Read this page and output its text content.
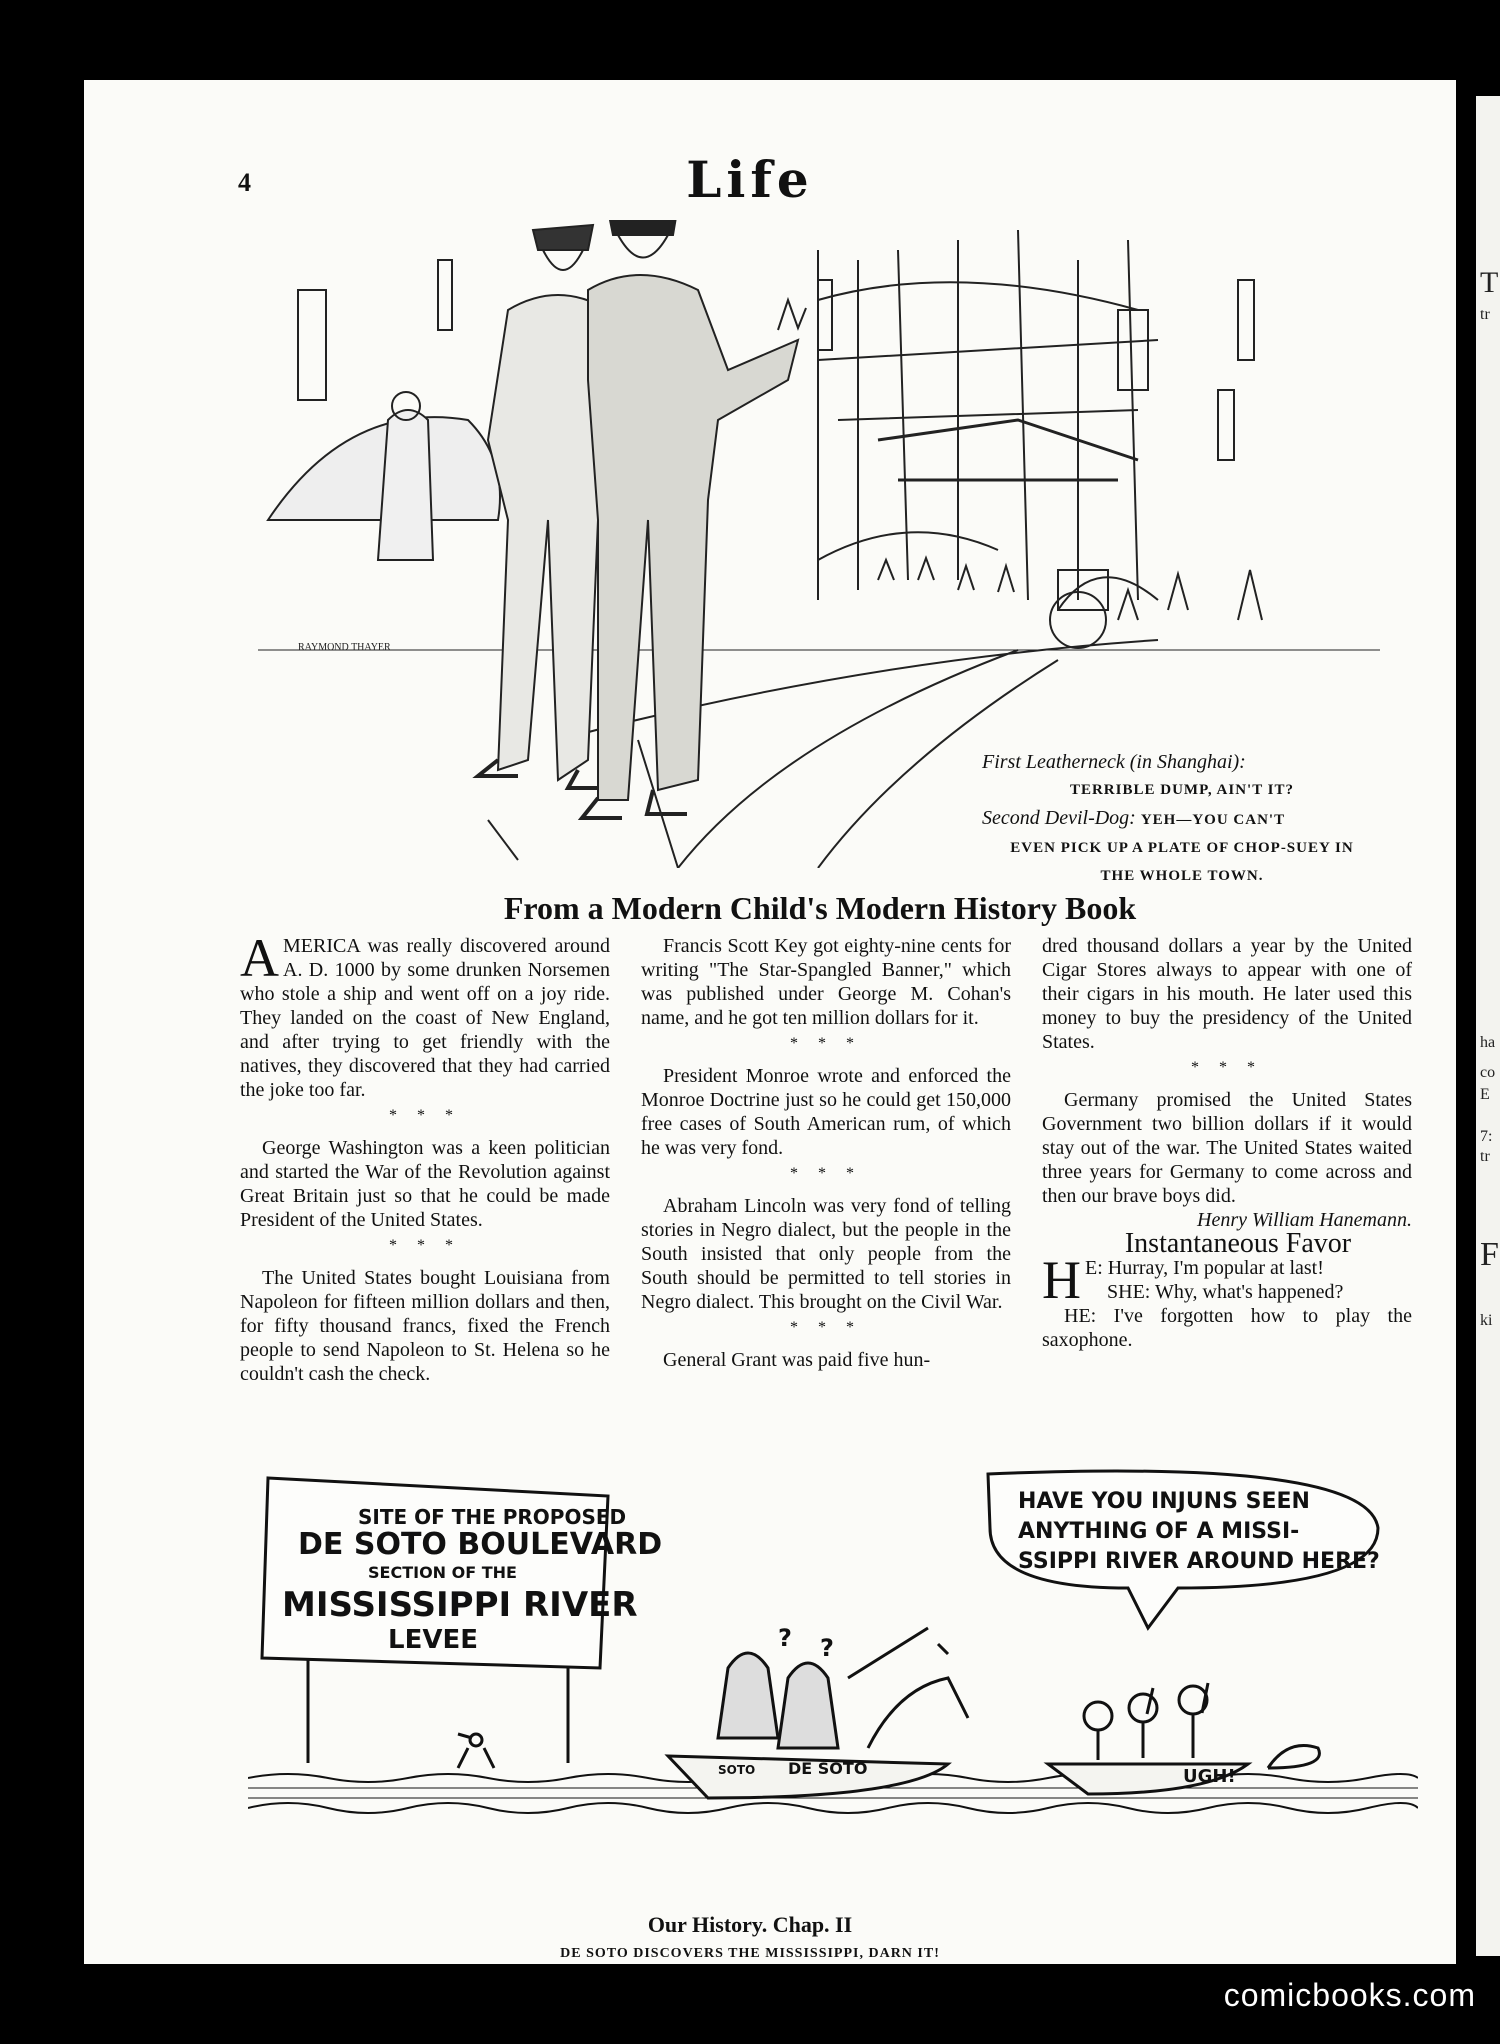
T
tr
ha
co
E
7:
tr
F
ki
4	Life
RAYMOND THAYER
First Leatherneck (in Shanghai):
TERRIBLE DUMP, AIN'T IT?
Second Devil-Dog: YEH—YOU CAN'T
EVEN PICK UP A PLATE OF CHOP-SUEY IN
THE WHOLE TOWN.
From a Modern Child's Modern History Book

AMERICA was really discovered around A. D. 1000 by some drunken Norsemen who stole a ship and went off on a joy ride. They landed on the coast of New England, and after trying to get friendly with the natives, they discovered that they had carried the joke too far.

* * *

George Washington was a keen politician and started the War of the Revolution against Great Britain just so that he could be made President of the United States.

* * *

The United States bought Louisiana from Napoleon for fifteen million dollars and then, for fifty thousand francs, fixed the French people to send Napoleon to St. Helena so he couldn't cash the check.

Francis Scott Key got eighty-nine cents for writing "The Star-Spangled Banner," which was published under George M. Cohan's name, and he got ten million dollars for it.

* * *

President Monroe wrote and enforced the Monroe Doctrine just so he could get 150,000 free cases of South American rum, of which he was very fond.

* * *

Abraham Lincoln was very fond of telling stories in Negro dialect, but the people in the South insisted that only people from the South should be permitted to tell stories in Negro dialect. This brought on the Civil War.

* * *

General Grant was paid five hun-

dred thousand dollars a year by the United Cigar Stores always to appear with one of their cigars in his mouth. He later used this money to buy the presidency of the United States.

* * *

Germany promised the United States Government two billion dollars if it would stay out of the war. The United States waited three years for Germany to come across and then our brave boys did.

Henry William Hanemann.

Instantaneous Favor

H E: Hurray, I'm popular at last!

SHE: Why, what's happened?

HE: I've forgotten how to play the saxophone.

SITE OF THE PROPOSED
DE SOTO BOULEVARD
SECTION OF THE
MISSISSIPPI RIVER
LEVEE
HAVE YOU INJUNS SEEN
ANYTHING OF A MISSI-
SSIPPI RIVER AROUND HERE?
DE SOTO
SOTO	UGH!
? ?
Our History. Chap. II
DE SOTO DISCOVERS THE MISSISSIPPI, DARN IT!
comicbooks.com
